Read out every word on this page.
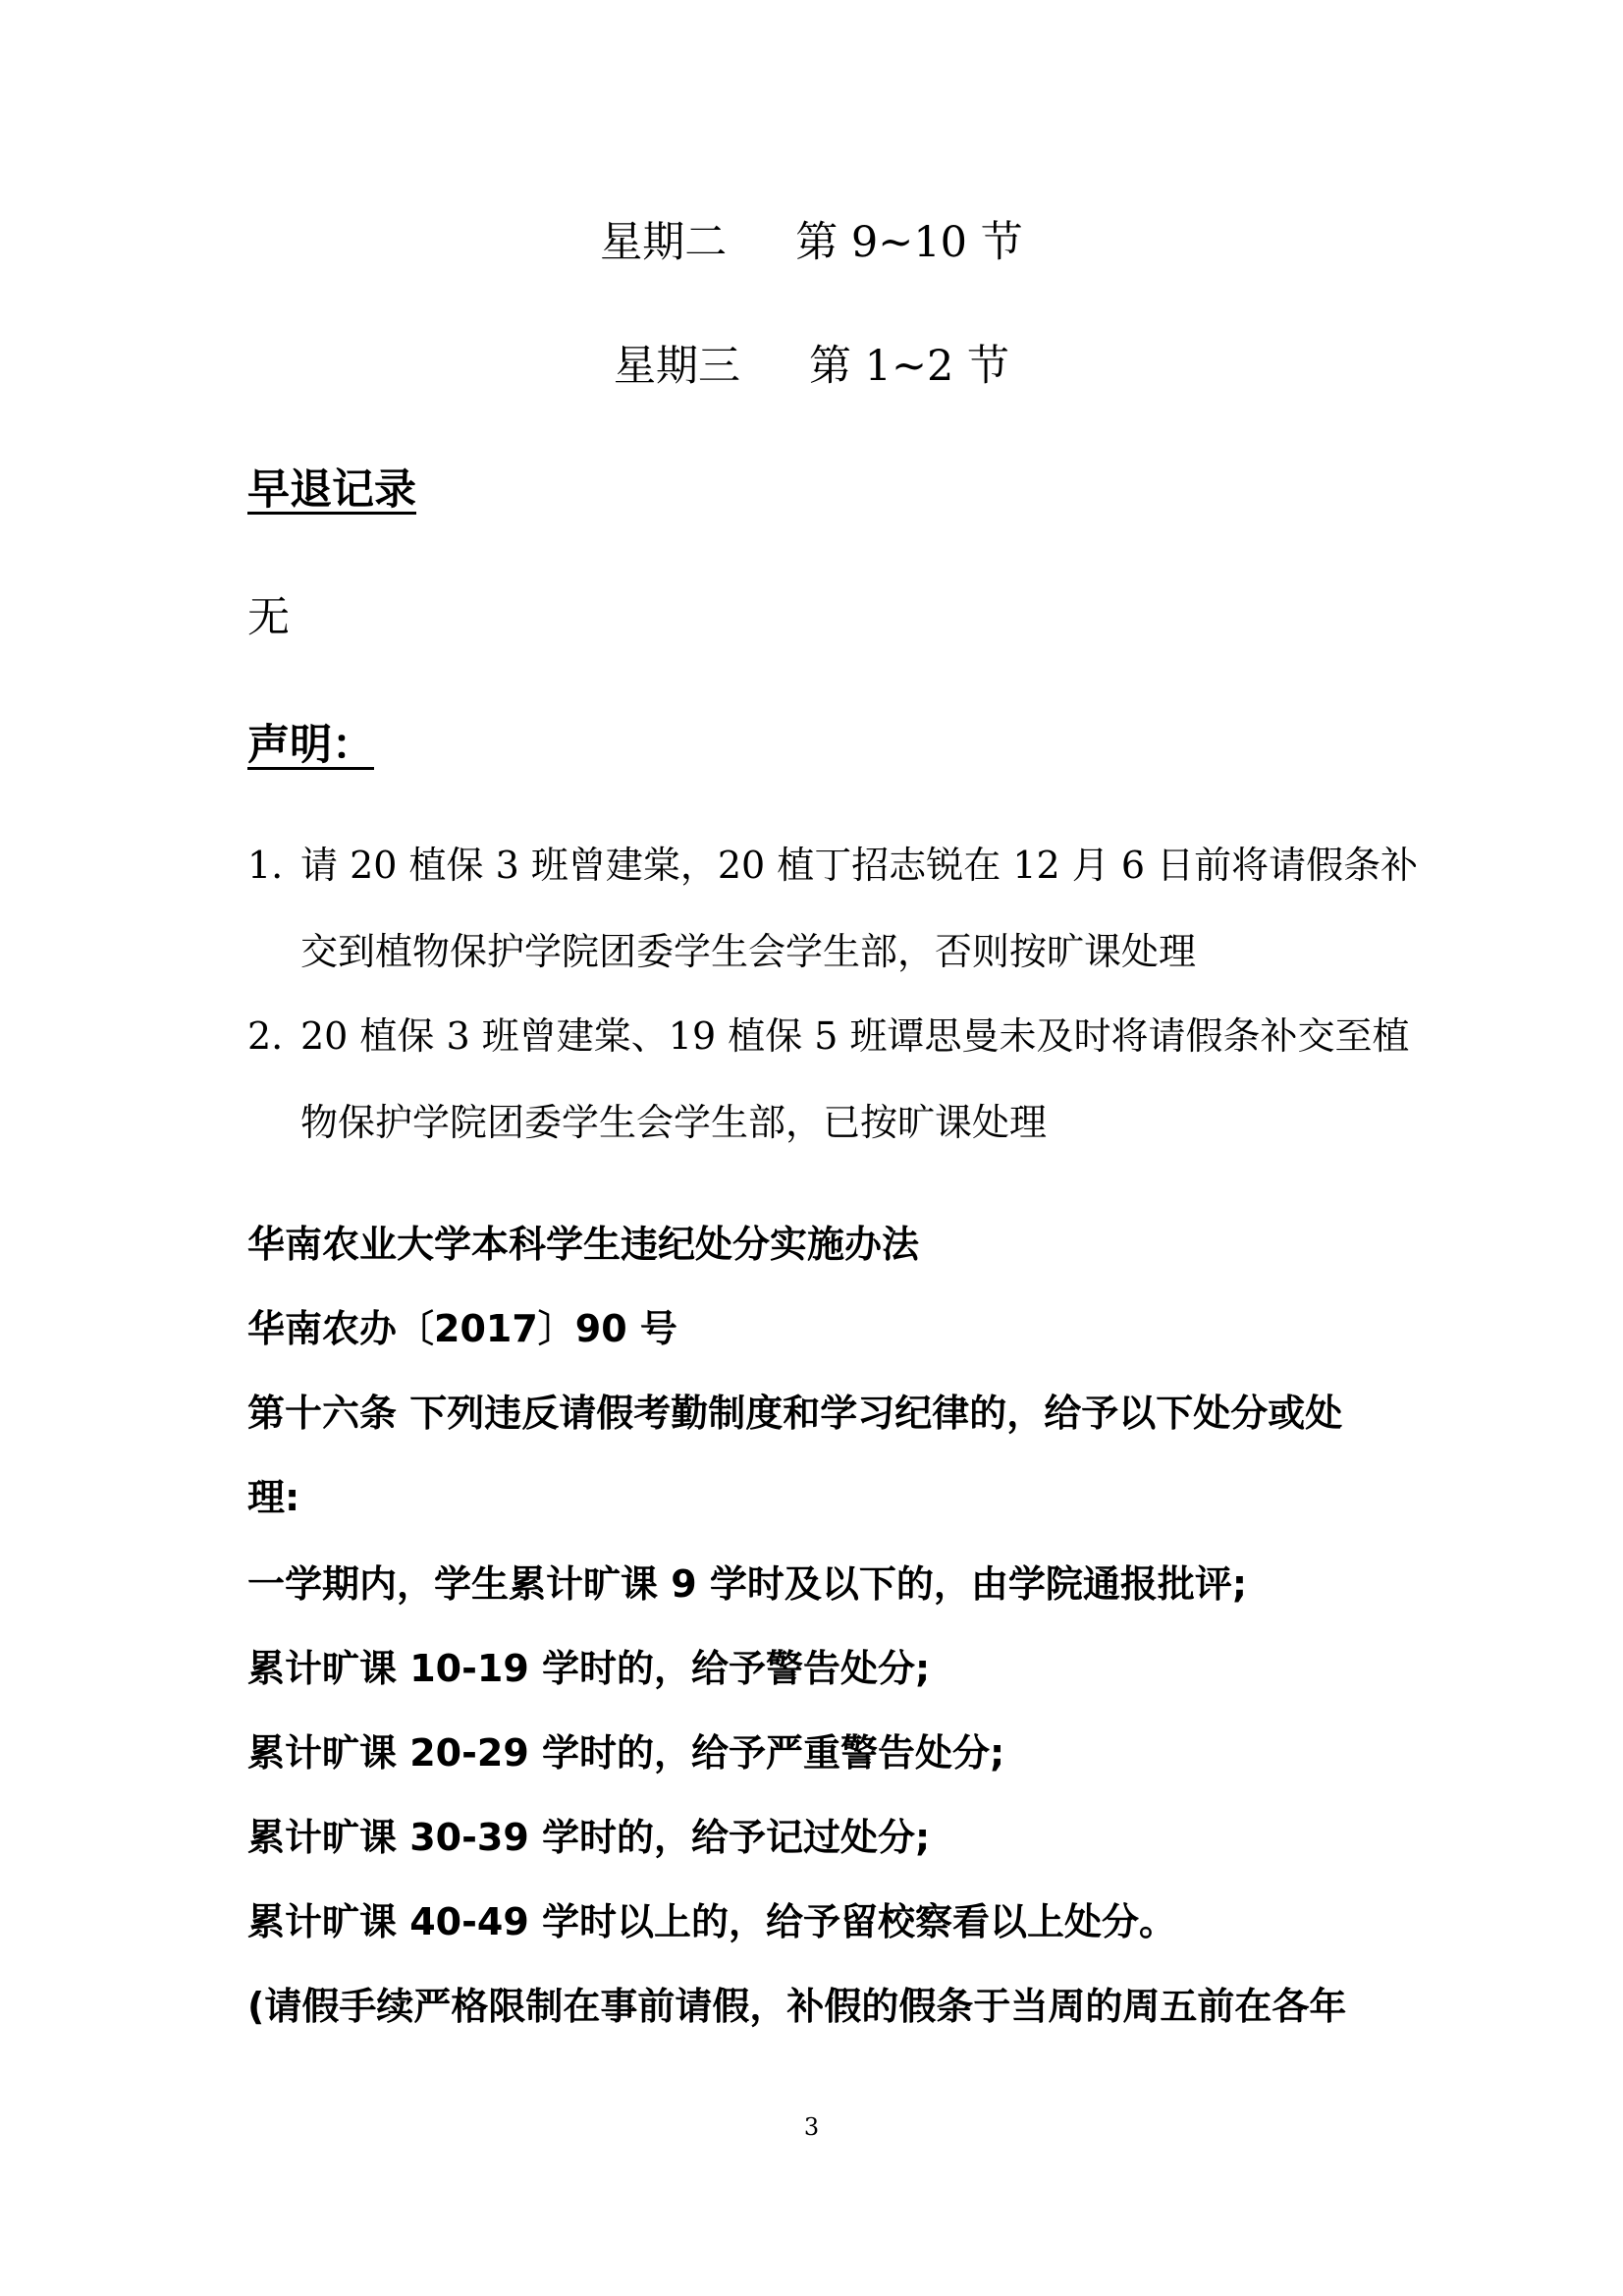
星期二 第 9~10 节
星期三 第 1~2 节
早退记录
无
声明：
1. 请 20 植保 3 班曾建棠，20 植丁招志锐在 12 月 6 日前将请假条补
交到植物保护学院团委学生会学生部，否则按旷课处理
2. 20 植保 3 班曾建棠、19 植保 5 班谭思曼未及时将请假条补交至植
物保护学院团委学生会学生部，已按旷课处理
华南农业大学本科学生违纪处分实施办法
华南农办〔2017〕90 号
第十六条 下列违反请假考勤制度和学习纪律的，给予以下处分或处
理:
一学期内，学生累计旷课 9 学时及以下的，由学院通报批评;
累计旷课 10-19 学时的，给予警告处分;
累计旷课 20-29 学时的，给予严重警告处分;
累计旷课 30-39 学时的，给予记过处分;
累计旷课 40-49 学时以上的，给予留校察看以上处分。
(请假手续严格限制在事前请假，补假的假条于当周的周五前在各年
3
